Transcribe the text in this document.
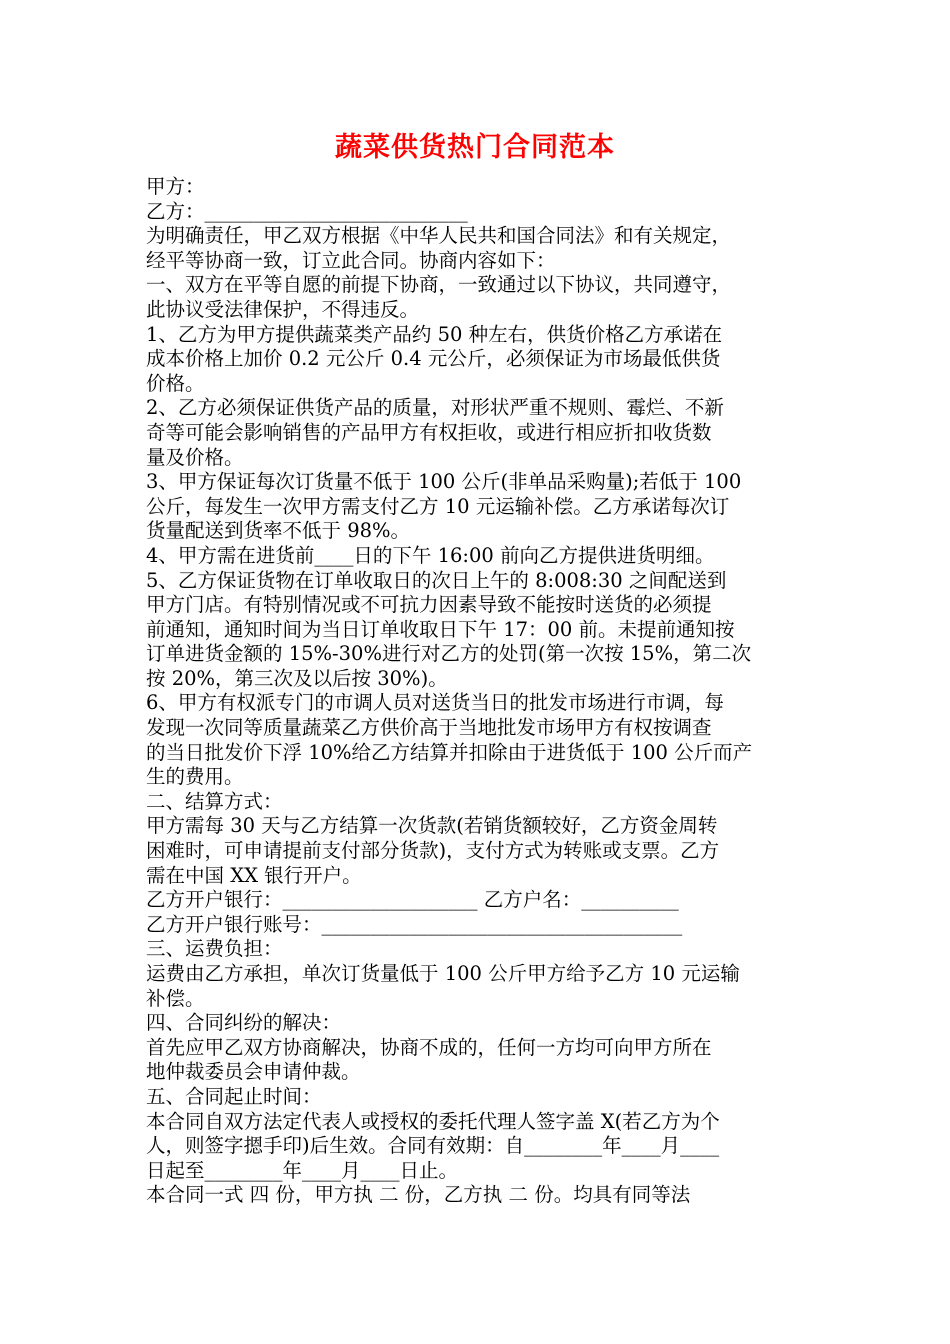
蔬菜供货热门合同范本
甲方：
乙方：___________________________
为明确责任，甲乙双方根据《中华人民共和国合同法》和有关规定，
经平等协商一致，订立此合同。协商内容如下：
一、双方在平等自愿的前提下协商，一致通过以下协议，共同遵守，
此协议受法律保护，不得违反。
1、乙方为甲方提供蔬菜类产品约 50 种左右，供货价格乙方承诺在
成本价格上加价 0.2 元公斤 0.4 元公斤，必须保证为市场最低供货
价格。
2、乙方必须保证供货产品的质量，对形状严重不规则、霉烂、不新
奇等可能会影响销售的产品甲方有权拒收，或进行相应折扣收货数
量及价格。
3、甲方保证每次订货量不低于 100 公斤(非单品采购量);若低于 100
公斤，每发生一次甲方需支付乙方 10 元运输补偿。乙方承诺每次订
货量配送到货率不低于 98%。
4、甲方需在进货前____日的下午 16:00 前向乙方提供进货明细。
5、乙方保证货物在订单收取日的次日上午的 8:008:30 之间配送到
甲方门店。有特别情况或不可抗力因素导致不能按时送货的必须提
前通知，通知时间为当日订单收取日下午 17：00 前。未提前通知按
订单进货金额的 15%-30%进行对乙方的处罚(第一次按 15%，第二次
按 20%，第三次及以后按 30%)。
6、甲方有权派专门的市调人员对送货当日的批发市场进行市调，每
发现一次同等质量蔬菜乙方供价高于当地批发市场甲方有权按调查
的当日批发价下浮 10%给乙方结算并扣除由于进货低于 100 公斤而产
生的费用。
二、结算方式：
甲方需每 30 天与乙方结算一次货款(若销货额较好，乙方资金周转
困难时，可申请提前支付部分货款)，支付方式为转账或支票。乙方
需在中国 XX 银行开户。
乙方开户银行：____________________ 乙方户名：__________
乙方开户银行账号：_____________________________________
三、运费负担：
运费由乙方承担，单次订货量低于 100 公斤甲方给予乙方 10 元运输
补偿。
四、合同纠纷的解决：
首先应甲乙双方协商解决，协商不成的，任何一方均可向甲方所在
地仲裁委员会申请仲裁。
五、合同起止时间：
本合同自双方法定代表人或授权的委托代理人签字盖 X(若乙方为个
人，则签字摁手印)后生效。合同有效期：自________年____月____
日起至________年____月____日止。
本合同一式 四 份，甲方执 二 份，乙方执 二 份。均具有同等法
